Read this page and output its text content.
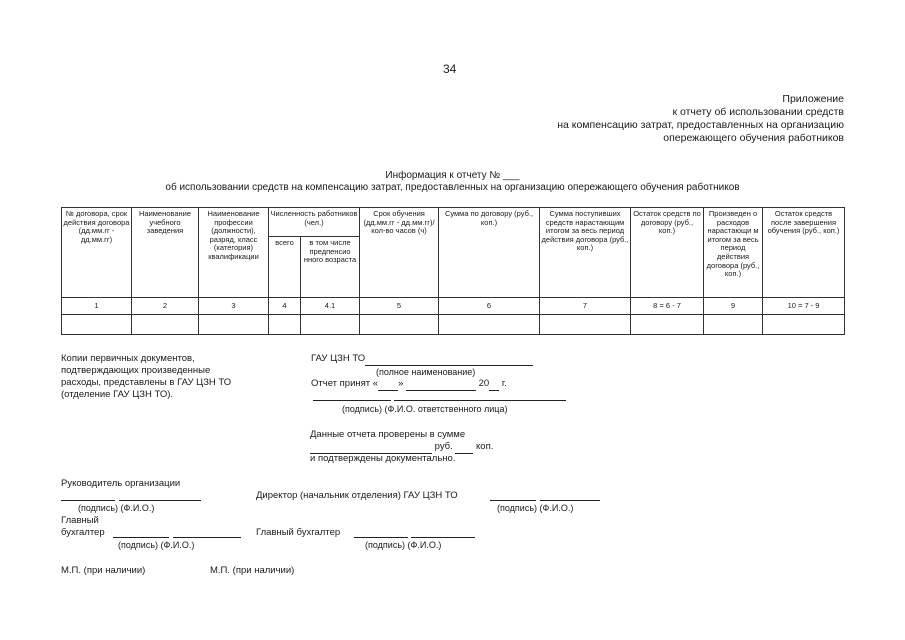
34
Приложение
к отчету об использовании средств
на компенсацию затрат, предоставленных на организацию
опережающего обучения работников
Информация к отчету № ___
об использовании средств на компенсацию затрат, предоставленных на организацию опережающего обучения работников
№ договора, срок действия договора (дд.мм.гг - дд.мм.гг)	Наименование учебного заведения	Наименование профессии (должности), разряд, класс (категория) квалификации	Численность работников (чел.)		Срок обучения (дд.мм.гг - дд.мм.гг)/кол-во часов (ч)	Сумма по договору (руб., коп.)	Сумма поступивших средств нарастающим итогом за весь период действия договора (руб., коп.)	Остаток средств по договору (руб., коп.)	Произведен о расходов нарастающи м итогом за весь период действия договора (руб., коп.)	Остаток средств после завершения обучения (руб., коп.)
			всего	в том числе предпенсио нного возраста						
1	2	3	4	4.1	5	6	7	8 = 6 - 7	9	10 = 7 - 9

Копии первичных документов,
подтверждающих произведенные
расходы, представлены в ГАУ ЦЗН ТО
(отделение ГАУ ЦЗН ТО).
ГАУ ЦЗН ТО
(полное наименование)
Отчет принят « »	20  г.
(подпись) (Ф.И.О. ответственного лица)
Данные отчета проверены в сумме
руб.   коп.
и подтверждены документально.
Руководитель организации
(подпись) (Ф.И.О.)
Директор (начальник отделения) ГАУ ЦЗН ТО
(подпись) (Ф.И.О.)
Главный
бухгалтер
(подпись) (Ф.И.О.)
Главный бухгалтер
(подпись) (Ф.И.О.)
М.П. (при наличии)	М.П. (при наличии)
